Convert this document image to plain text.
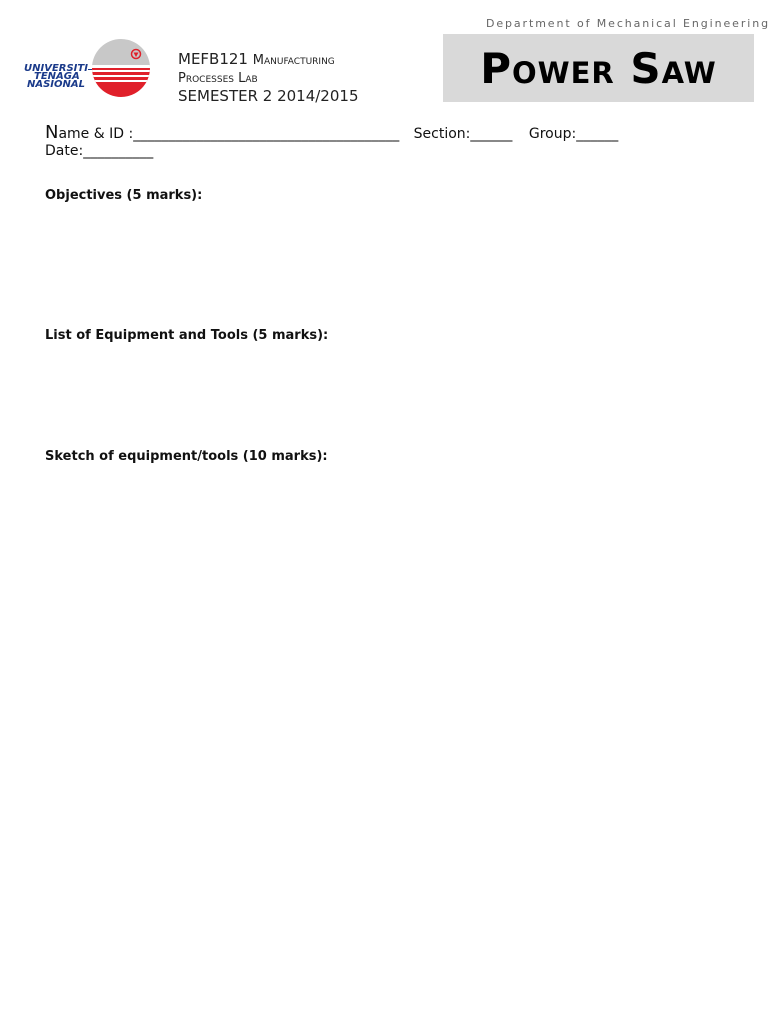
Department of Mechanical Engineering
UNIVERSITI
TENAGA
NASIONAL
MEFB121 Manufacturing
Processes Lab
SEMESTER 2 2014/2015
Power Saw
Name & ID :______________________________________ Section:______ Group:______
Date:__________
Objectives (5 marks):
List of Equipment and Tools (5 marks):
Sketch of equipment/tools (10 marks):
